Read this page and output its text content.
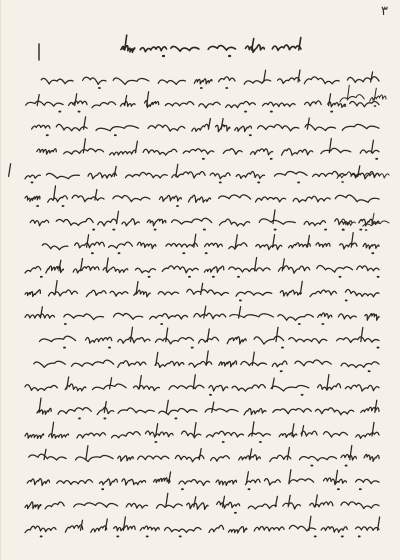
٣
